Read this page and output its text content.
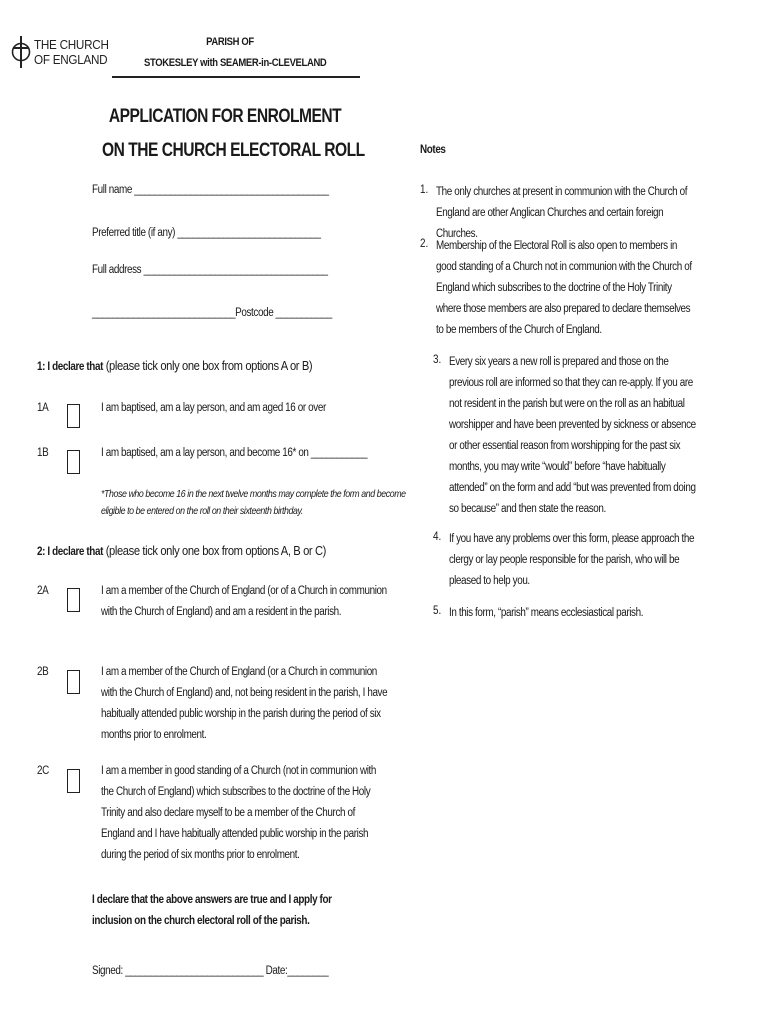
THE CHURCH
OF ENGLAND
PARISH OF
STOKESLEY with SEAMER-in-CLEVELAND
APPLICATION FOR ENROLMENT
ON THE CHURCH ELECTORAL ROLL
Full name ______________________________________
Preferred title (if any) ____________________________
Full address ____________________________________
____________________________Postcode ___________
1: I declare that (please tick only one box from options A or B)
1A	I am baptised, am a lay person, and am aged 16 or over
1B	I am baptised, am a lay person, and become 16* on ___________
*Those who become 16 in the next twelve months may complete the form and become
eligible to be entered on the roll on their sixteenth birthday.
2: I declare that (please tick only one box from options A, B or C)
2A	I am a member of the Church of England (or of a Church in communion
with the Church of England) and am a resident in the parish.
2B	I am a member of the Church of England (or a Church in communion
with the Church of England) and, not being resident in the parish, I have
habitually attended public worship in the parish during the period of six
months prior to enrolment.
2C	I am a member in good standing of a Church (not in communion with
the Church of England) which subscribes to the doctrine of the Holy
Trinity and also declare myself to be a member of the Church of
England and I have habitually attended public worship in the parish
during the period of six months prior to enrolment.
I declare that the above answers are true and I apply for
inclusion on the church electoral roll of the parish.
Signed: ___________________________ Date:________
Notes
1. The only churches at present in communion with the Church of England are other Anglican Churches and certain foreign Churches.
2. Membership of the Electoral Roll is also open to members in good standing of a Church not in communion with the Church of England which subscribes to the doctrine of the Holy Trinity where those members are also prepared to declare themselves to be members of the Church of England.
3. Every six years a new roll is prepared and those on the previous roll are informed so that they can re-apply. If you are not resident in the parish but were on the roll as an habitual worshipper and have been prevented by sickness or absence or other essential reason from worshipping for the past six months, you may write “would” before “have habitually attended” on the form and add “but was prevented from doing so because” and then state the reason.
4. If you have any problems over this form, please approach the clergy or lay people responsible for the parish, who will be pleased to help you.
5. In this form, “parish” means ecclesiastical parish.
